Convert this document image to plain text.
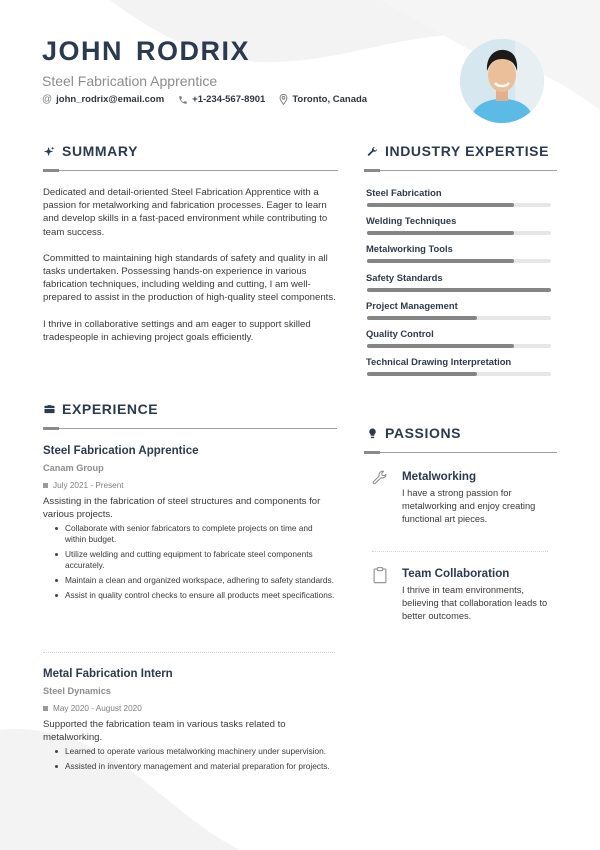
JOHN RODRIX

Steel Fabrication Apprentice

@ john_rodrix@email.com	+1-234-567-8901	Toronto, Canada
SUMMARY

Dedicated and detail-oriented Steel Fabrication Apprentice with a passion for metalworking and fabrication processes. Eager to learn and develop skills in a fast-paced environment while contributing to team success.

Committed to maintaining high standards of safety and quality in all tasks undertaken. Possessing hands-on experience in various fabrication techniques, including welding and cutting, I am well-prepared to assist in the production of high-quality steel components.

I thrive in collaborative settings and am eager to support skilled tradespeople in achieving project goals efficiently.

INDUSTRY EXPERTISE
Steel Fabrication
Welding Techniques
Metalworking Tools
Safety Standards
Project Management
Quality Control
Technical Drawing Interpretation
EXPERIENCE
Steel Fabrication Apprentice
Canam Group
July 2021 - Present
Assisting in the fabrication of steel structures and components for various projects.
Collaborate with senior fabricators to complete projects on time and within budget.
Utilize welding and cutting equipment to fabricate steel components accurately.
Maintain a clean and organized workspace, adhering to safety standards.
Assist in quality control checks to ensure all products meet specifications.
Metal Fabrication Intern
Steel Dynamics
May 2020 - August 2020
Supported the fabrication team in various tasks related to metalworking.
Learned to operate various metalworking machinery under supervision.
Assisted in inventory management and material preparation for projects.
PASSIONS
Metalworking

I have a strong passion for metalworking and enjoy creating functional art pieces.

Team Collaboration

I thrive in team environments, believing that collaboration leads to better outcomes.
